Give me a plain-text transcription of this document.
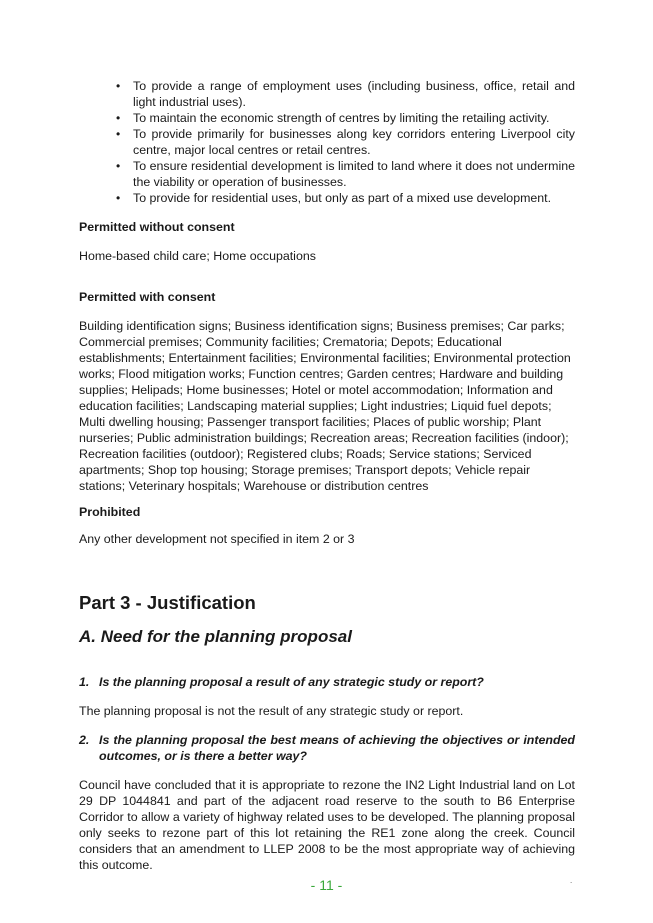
• To provide a range of employment uses (including business, office, retail and light industrial uses).
• To maintain the economic strength of centres by limiting the retailing activity.
• To provide primarily for businesses along key corridors entering Liverpool city centre, major local centres or retail centres.
• To ensure residential development is limited to land where it does not undermine the viability or operation of businesses.
• To provide for residential uses, but only as part of a mixed use development.
Permitted without consent

Home-based child care; Home occupations

Permitted with consent

Building identification signs; Business identification signs; Business premises; Car parks; Commercial premises; Community facilities; Crematoria; Depots; Educational establishments; Entertainment facilities; Environmental facilities; Environmental protection works; Flood mitigation works; Function centres; Garden centres; Hardware and building supplies; Helipads; Home businesses; Hotel or motel accommodation; Information and education facilities; Landscaping material supplies; Light industries; Liquid fuel depots; Multi dwelling housing; Passenger transport facilities; Places of public worship; Plant nurseries; Public administration buildings; Recreation areas; Recreation facilities (indoor); Recreation facilities (outdoor); Registered clubs; Roads; Service stations; Serviced apartments; Shop top housing; Storage premises; Transport depots; Vehicle repair stations; Veterinary hospitals; Warehouse or distribution centres

Prohibited

Any other development not specified in item 2 or 3

Part 3 - Justification
A. Need for the planning proposal
1. Is the planning proposal a result of any strategic study or report?

The planning proposal is not the result of any strategic study or report.

2. Is the planning proposal the best means of achieving the objectives or intended outcomes, or is there a better way?

Council have concluded that it is appropriate to rezone the IN2 Light Industrial land on Lot 29 DP 1044841 and part of the adjacent road reserve to the south to B6 Enterprise Corridor to allow a variety of highway related uses to be developed. The planning proposal only seeks to rezone part of this lot retaining the RE1 zone along the creek. Council considers that an amendment to LLEP 2008 to be the most appropriate way of achieving this outcome.

- 11 -	.
